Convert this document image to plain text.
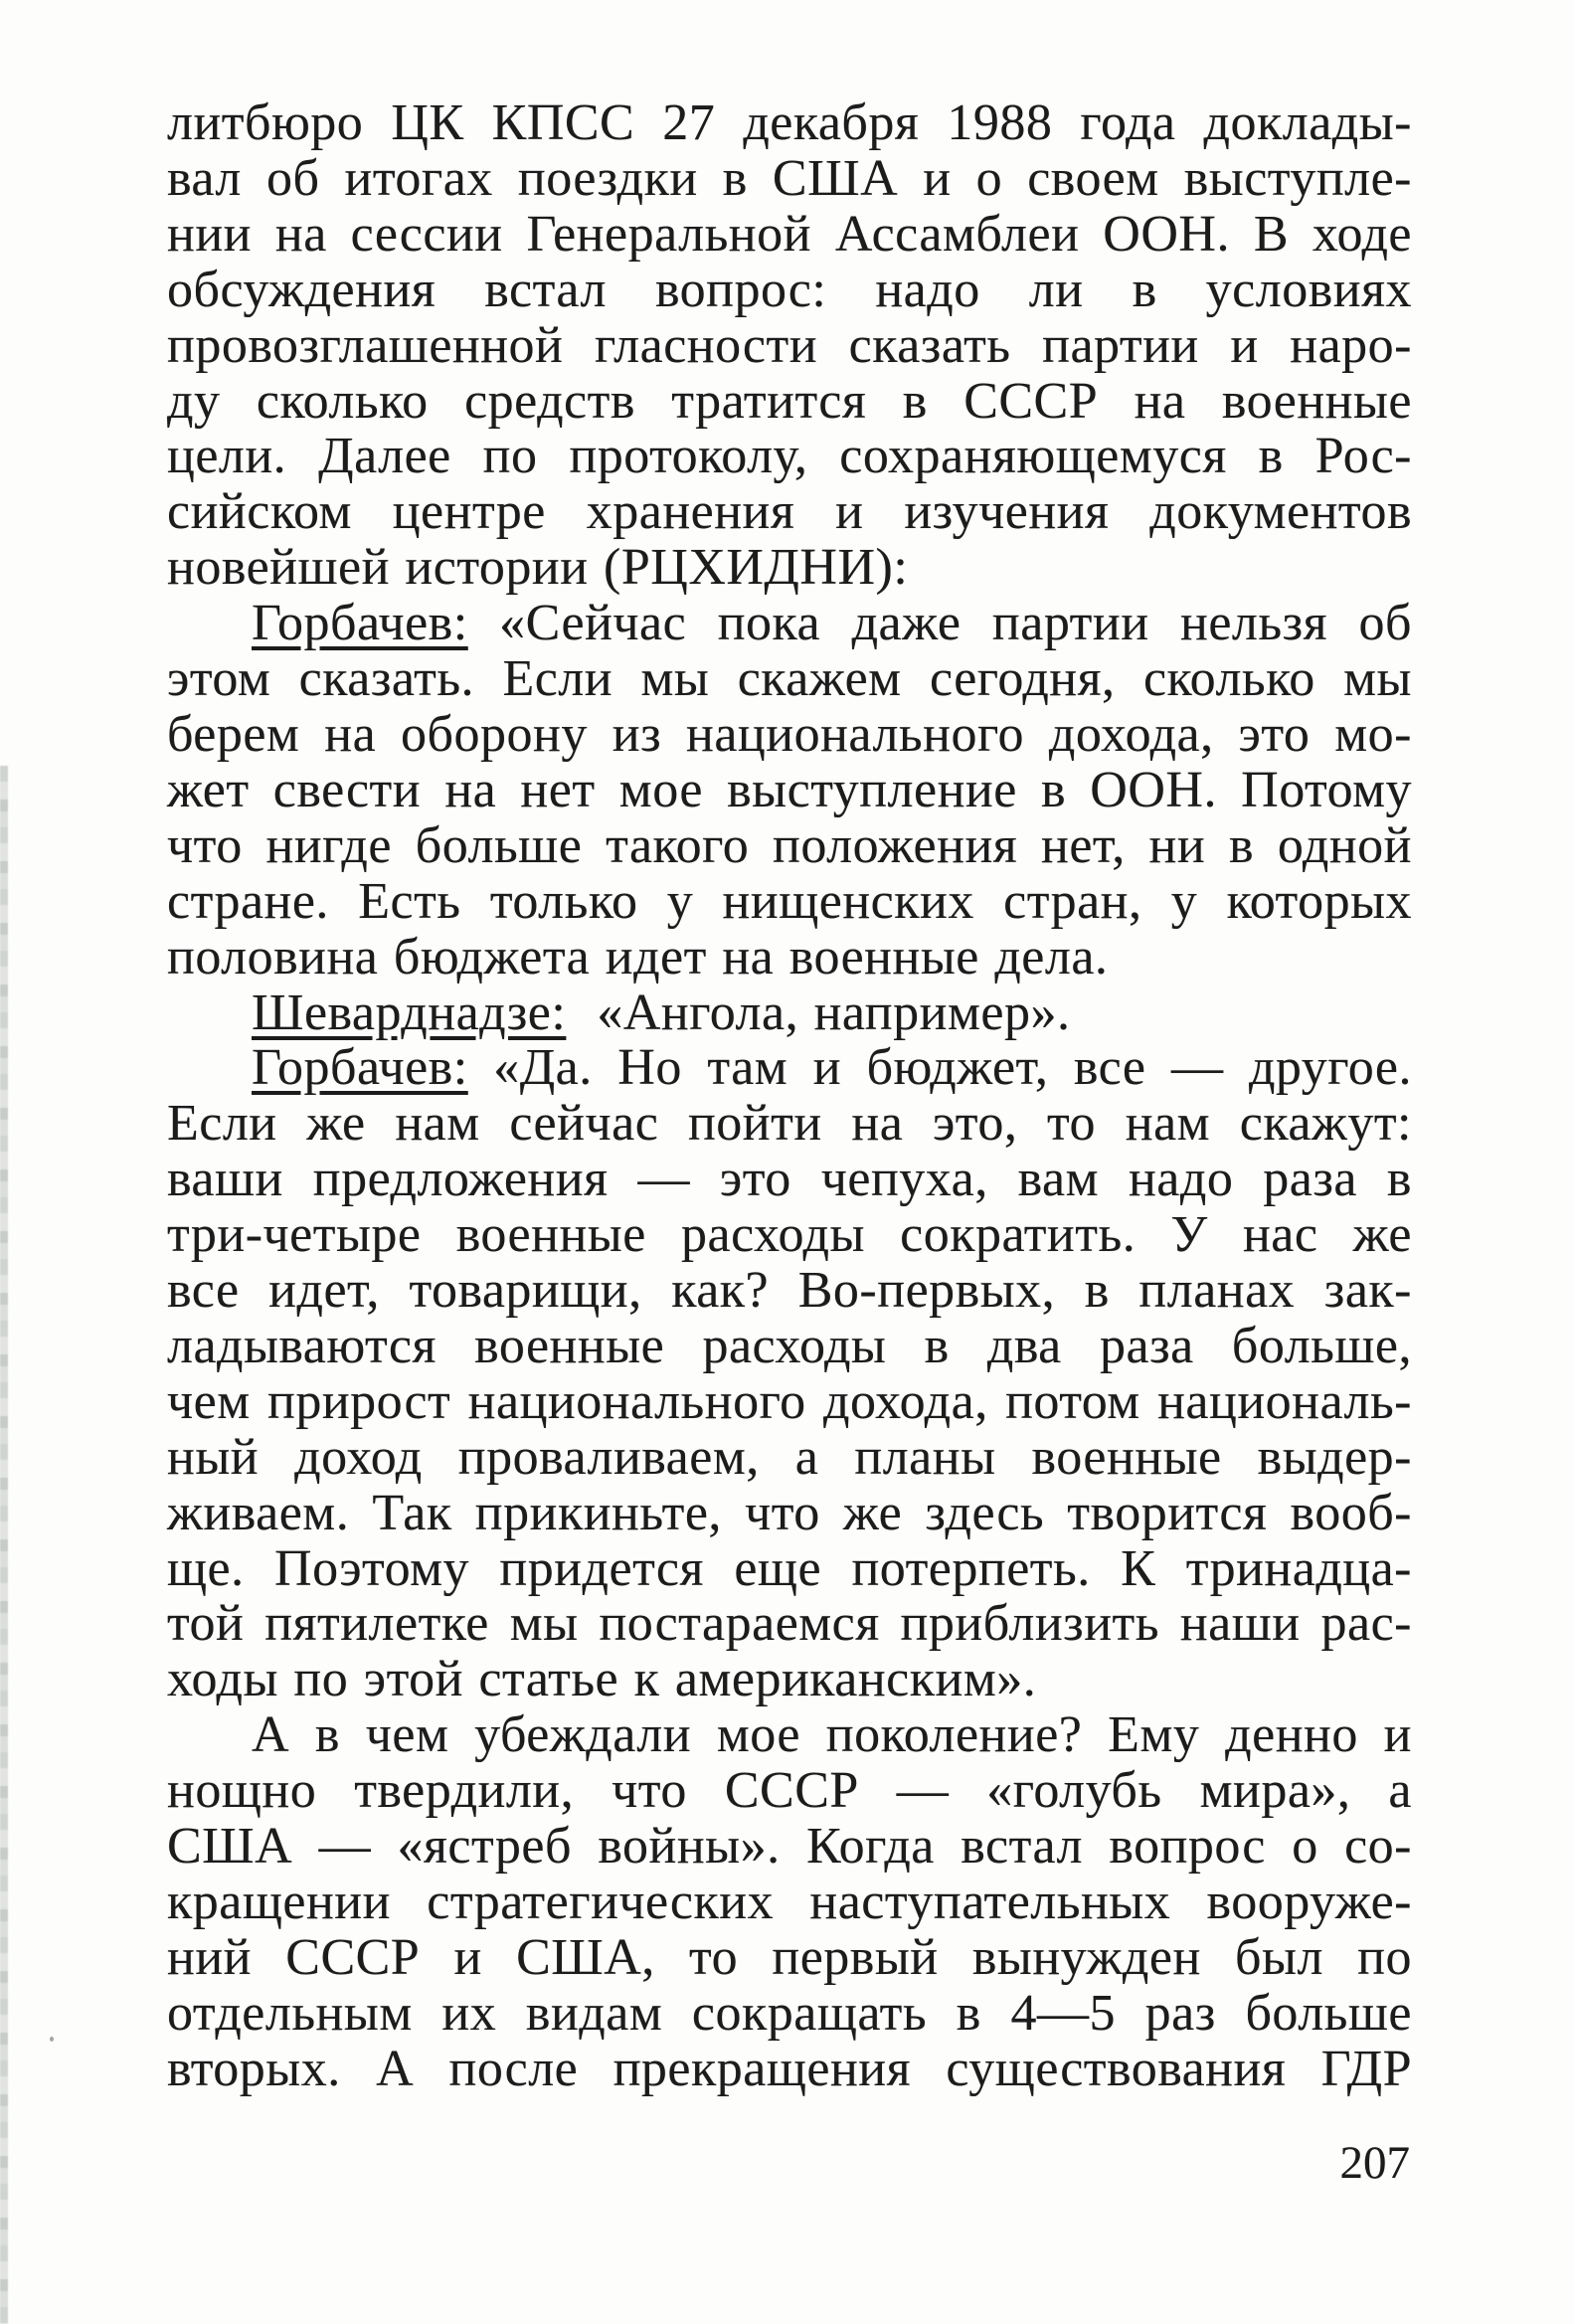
литбюро ЦК КПСС 27 декабря 1988 года доклады-
вал об итогах поездки в США и о своем выступле-
нии на сессии Генеральной Ассамблеи ООН. В ходе
обсуждения встал вопрос: надо ли в условиях
провозглашенной гласности сказать партии и наро-
ду сколько средств тратится в СССР на военные
цели. Далее по протоколу, сохраняющемуся в Рос-
сийском центре хранения и изучения документов
новейшей истории (РЦХИДНИ):
Горбачев: «Сейчас пока даже партии нельзя об
этом сказать. Если мы скажем сегодня, сколько мы
берем на оборону из национального дохода, это мо-
жет свести на нет мое выступление в ООН. Потому
что нигде больше такого положения нет, ни в одной
стране. Есть только у нищенских стран, у которых
половина бюджета идет на военные дела.
Шеварднадзе:  «Ангола, например».
Горбачев: «Да. Но там и бюджет, все — другое.
Если же нам сейчас пойти на это, то нам скажут:
ваши предложения — это чепуха, вам надо раза в
три-четыре военные расходы сократить. У нас же
все идет, товарищи, как? Во-первых, в планах зак-
ладываются военные расходы в два раза больше,
чем прирост национального дохода, потом националь-
ный доход проваливаем, а планы военные выдер-
живаем. Так прикиньте, что же здесь творится вооб-
ще. Поэтому придется еще потерпеть. К тринадца-
той пятилетке мы постараемся приблизить наши рас-
ходы по этой статье к американским».
А в чем убеждали мое поколение? Ему денно и
нощно твердили, что СССР — «голубь мира», а
США — «ястреб войны». Когда встал вопрос о со-
кращении стратегических наступательных вооруже-
ний СССР и США, то первый вынужден был по
отдельным их видам сокращать в 4—5 раз больше
вторых. А после прекращения существования ГДР
207
